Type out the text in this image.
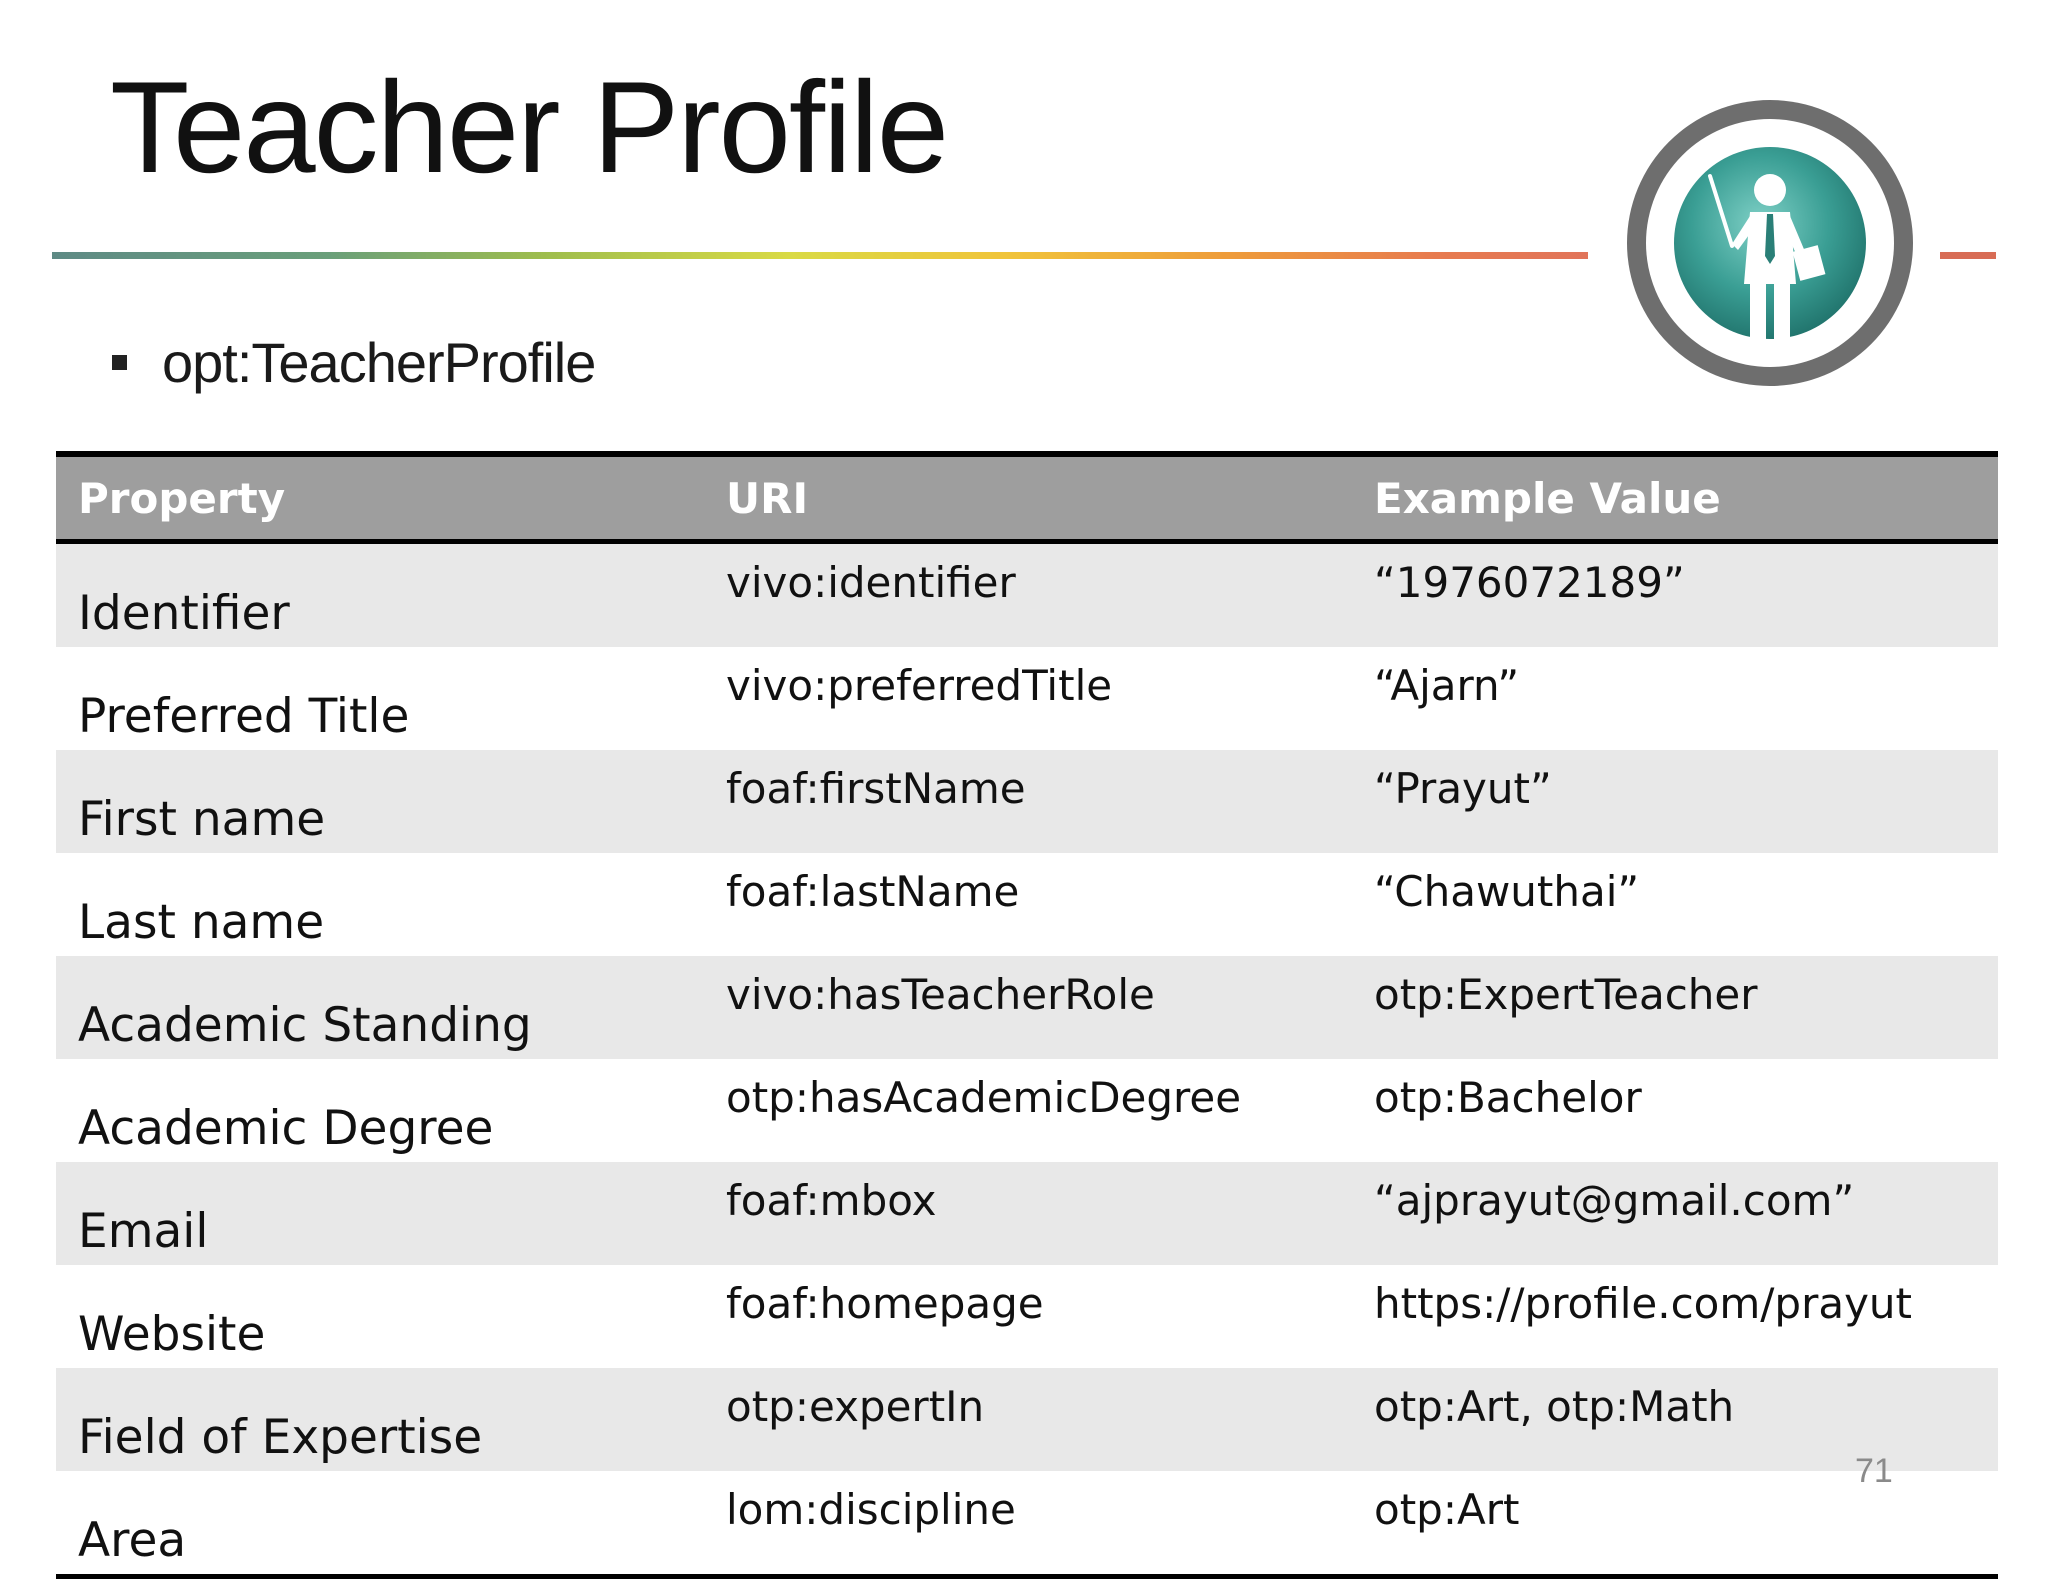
Teacher Profile
opt:TeacherProfile
Property	URI	Example Value
Identifier	vivo:identifier	“1976072189”
Preferred Title	vivo:preferredTitle	“Ajarn”
First name	foaf:firstName	“Prayut”
Last name	foaf:lastName	“Chawuthai”
Academic Standing	vivo:hasTeacherRole	otp:ExpertTeacher
Academic Degree	otp:hasAcademicDegree	otp:Bachelor
Email	foaf:mbox	“ajprayut@gmail.com”
Website	foaf:homepage	https://profile.com/prayut
Field of Expertise	otp:expertIn	otp:Art, otp:Math
Area	lom:discipline	otp:Art
71
